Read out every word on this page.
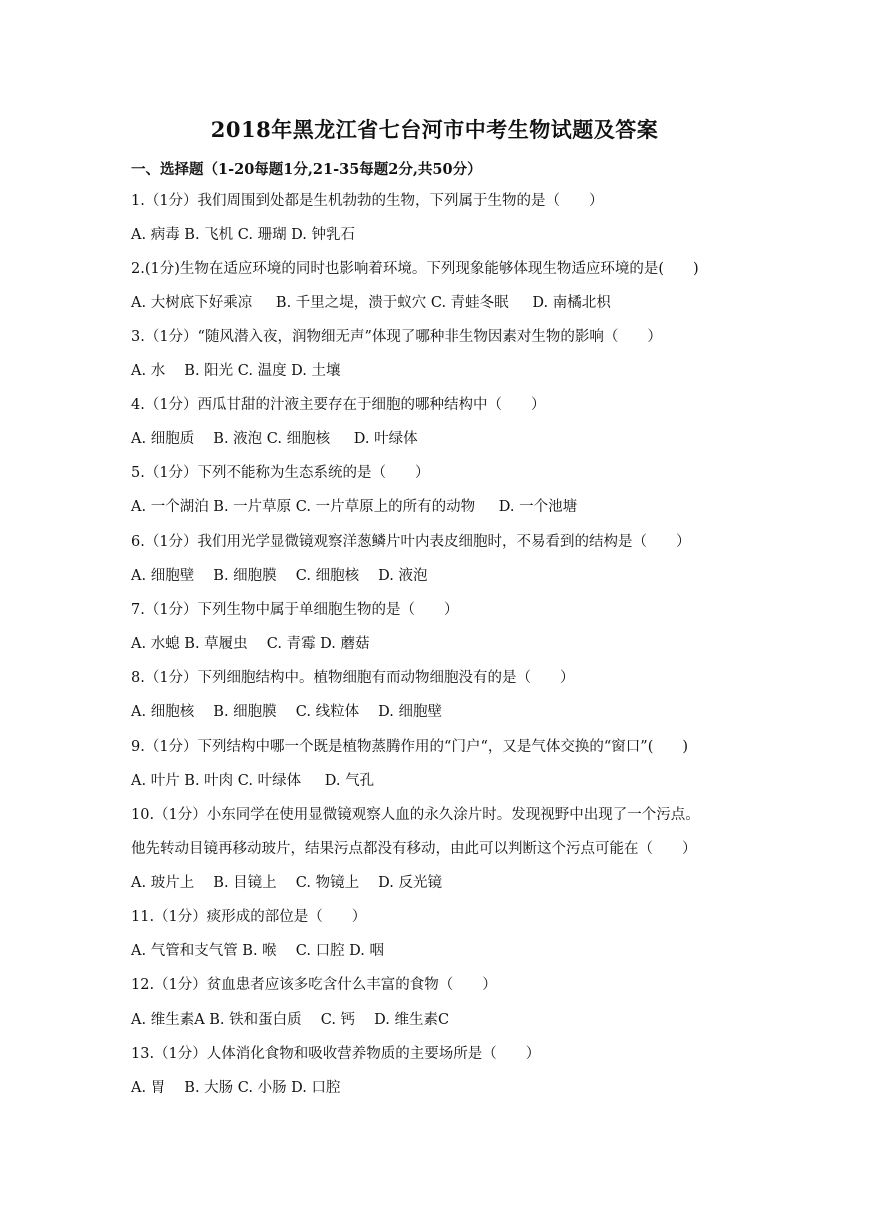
2018年黑龙江省七台河市中考生物试题及答案
一、选择题（1-20每题1分,21-35每题2分,共50分）
1.（1分）我们周围到处都是生机勃勃的生物，下列属于生物的是（　　）
A. 病毒 B. 飞机 C. 珊瑚 D. 钟乳石
2.(1分)生物在适应环境的同时也影响着环境。下列现象能够体现生物适应环境的是(　　)
A. 大树底下好乘凉　  B. 千里之堤，溃于蚁穴 C. 青蛙冬眠　  D. 南橘北枳
3.（1分）“随风潜入夜，润物细无声”体现了哪种非生物因素对生物的影响（　　）
A. 水　 B. 阳光 C. 温度 D. 土壤
4.（1分）西瓜甘甜的汁液主要存在于细胞的哪种结构中（　　）
A. 细胞质　 B. 液泡 C. 细胞核　  D. 叶绿体
5.（1分）下列不能称为生态系统的是（　　）
A. 一个湖泊 B. 一片草原 C. 一片草原上的所有的动物　  D. 一个池塘
6.（1分）我们用光学显微镜观察洋葱鳞片叶内表皮细胞时，不易看到的结构是（　　）
A. 细胞壁　 B. 细胞膜　 C. 细胞核　 D. 液泡
7.（1分）下列生物中属于单细胞生物的是（　　）
A. 水螅 B. 草履虫　 C. 青霉 D. 蘑菇
8.（1分）下列细胞结构中。植物细胞有而动物细胞没有的是（　　）
A. 细胞核　 B. 细胞膜　 C. 线粒体　 D. 细胞壁
9.（1分）下列结构中哪一个既是植物蒸腾作用的“门户“，又是气体交换的“窗口”(　　)
A. 叶片 B. 叶肉 C. 叶绿体　  D. 气孔
10.（1分）小东同学在使用显微镜观察人血的永久涂片时。发现视野中出现了一个污点。
他先转动目镜再移动玻片，结果污点都没有移动，由此可以判断这个污点可能在（　　）
A. 玻片上　 B. 目镜上　 C. 物镜上　 D. 反光镜
11.（1分）痰形成的部位是（　　）
A. 气管和支气管 B. 喉　 C. 口腔 D. 咽
12.（1分）贫血患者应该多吃含什么丰富的食物（　　）
A. 维生素A B. 铁和蛋白质　 C. 钙　 D. 维生素C
13.（1分）人体消化食物和吸收营养物质的主要场所是（　　）
A. 胃　 B. 大肠 C. 小肠 D. 口腔
